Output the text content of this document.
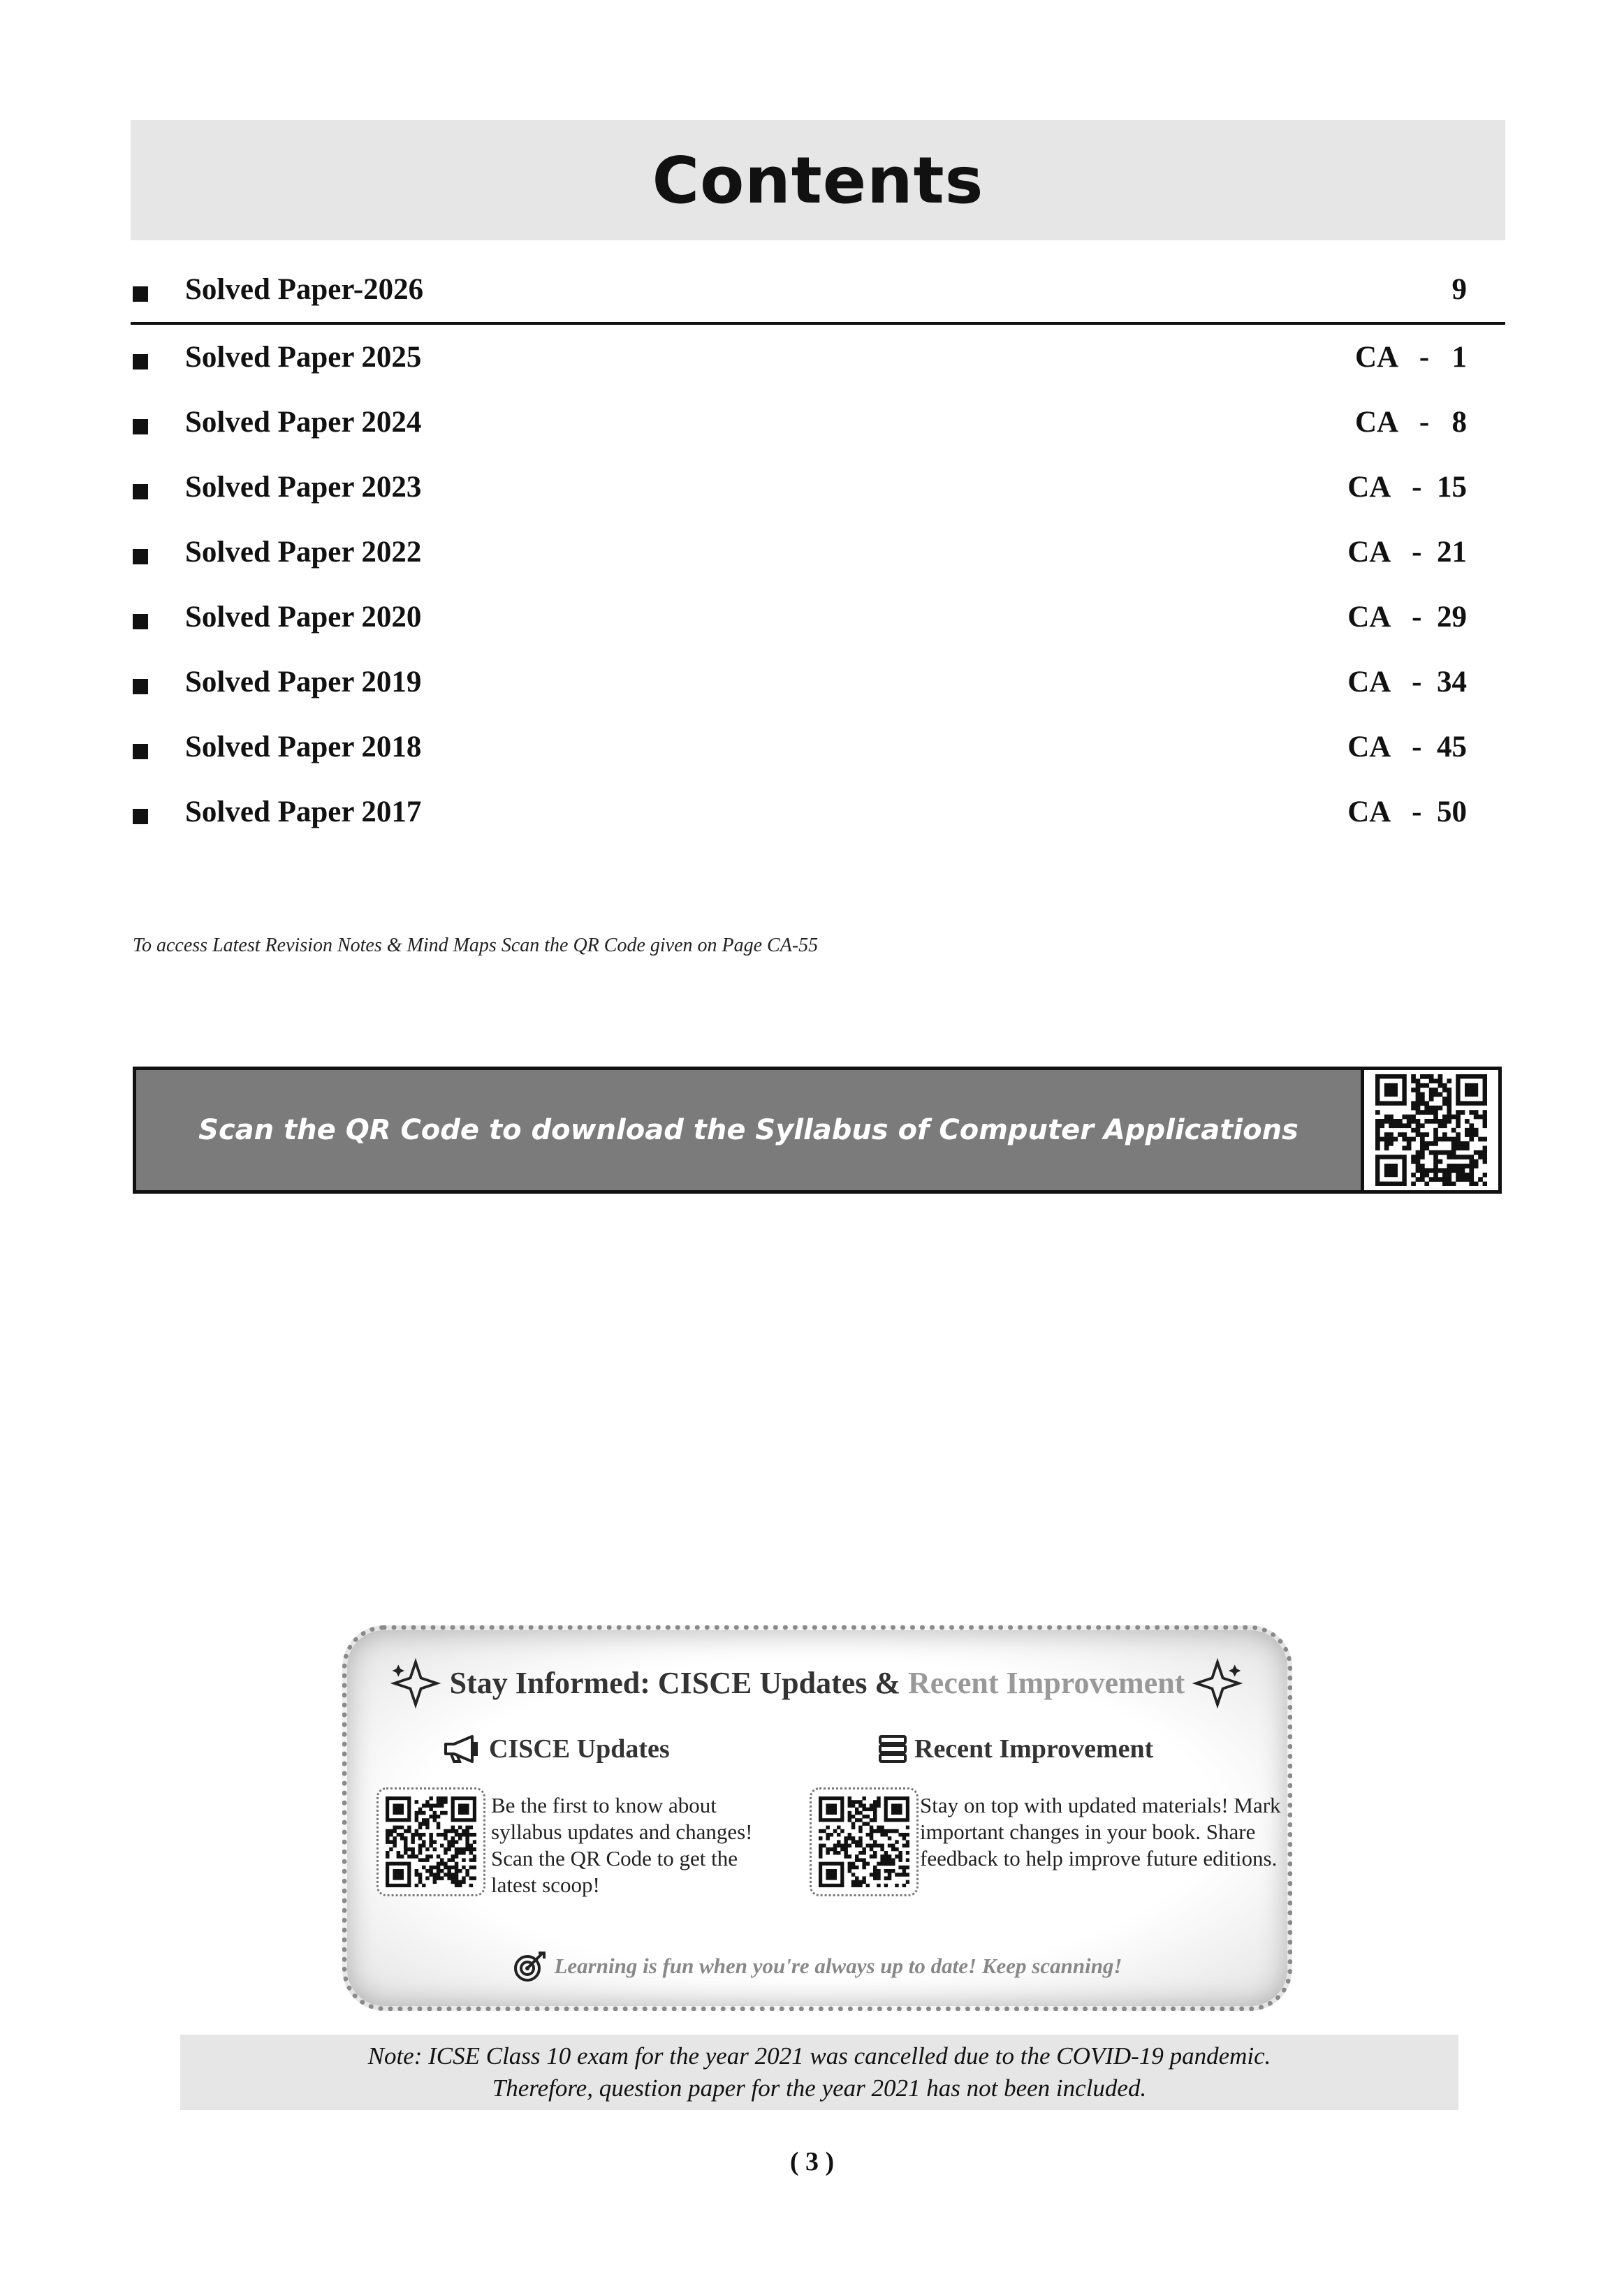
Contents
Solved Paper-2026	9
Solved Paper 2025	CA   -   1
Solved Paper 2024	CA   -   8
Solved Paper 2023	CA   -  15
Solved Paper 2022	CA   -  21
Solved Paper 2020	CA   -  29
Solved Paper 2019	CA   -  34
Solved Paper 2018	CA   -  45
Solved Paper 2017	CA   -  50
To access Latest Revision Notes & Mind Maps Scan the QR Code given on Page CA-55
Scan the QR Code to download the Syllabus of Computer Applications
Stay Informed: CISCE Updates & Recent Improvement
CISCE Updates
Be the first to know about syllabus updates and changes! Scan the QR Code to get the latest scoop!
Recent Improvement
Stay on top with updated materials! Mark important changes in your book. Share feedback to help improve future editions.
Learning is fun when you're always up to date! Keep scanning!
Note: ICSE Class 10 exam for the year 2021 was cancelled due to the COVID-19 pandemic.
Therefore, question paper for the year 2021 has not been included.
( 3 )
